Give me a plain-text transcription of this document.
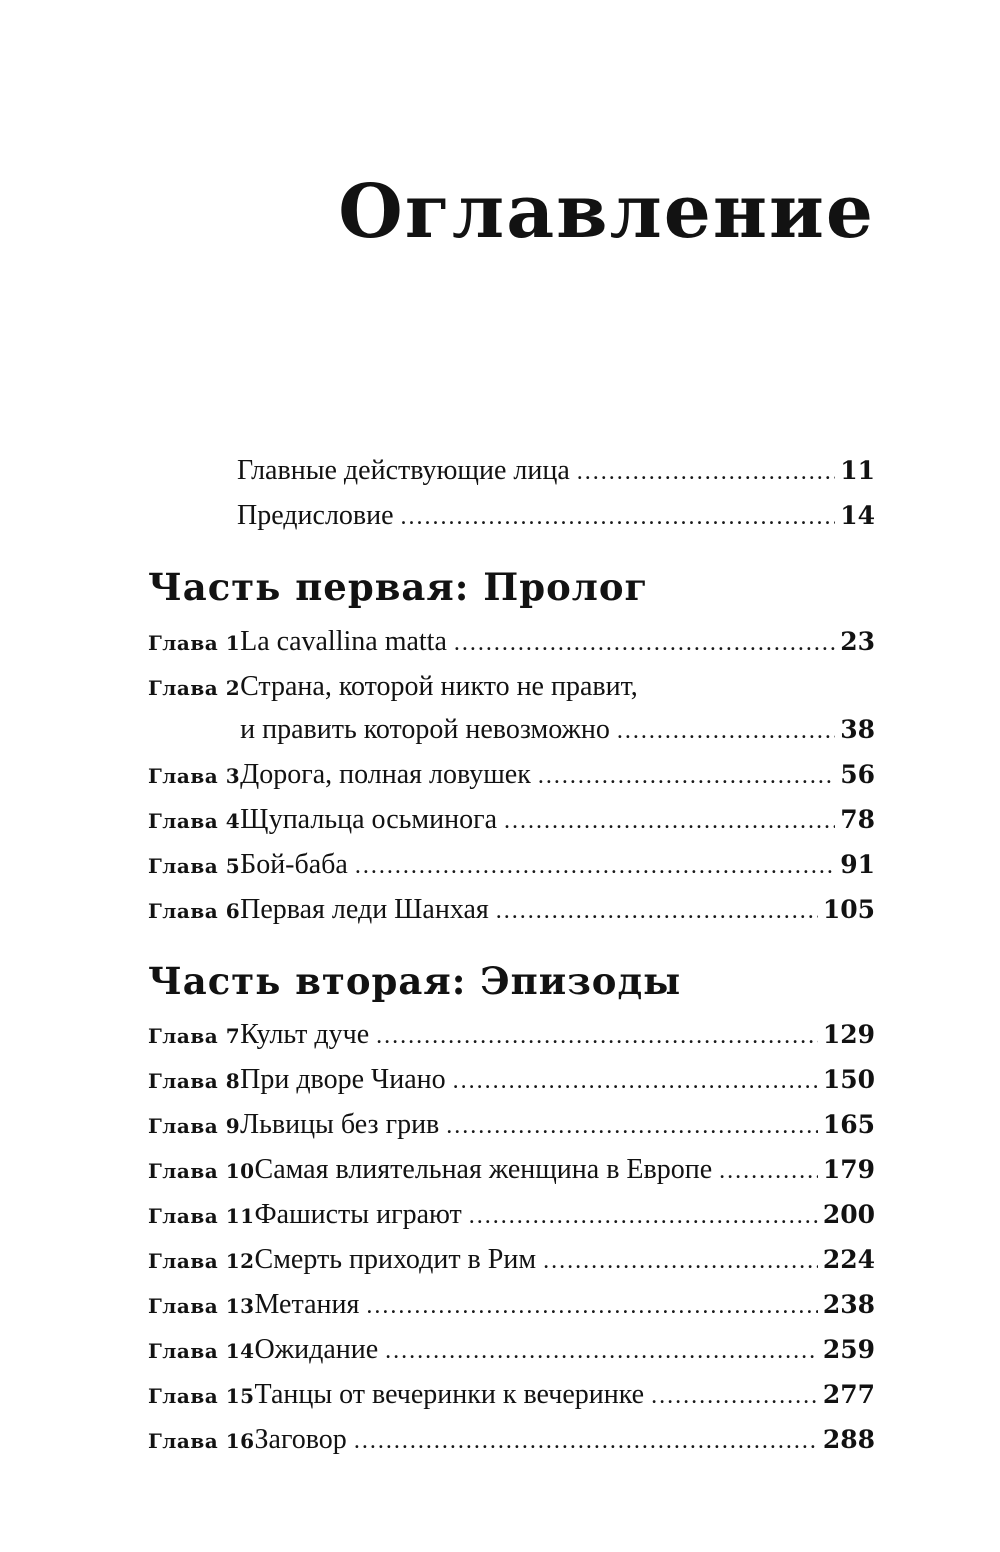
Оглавление
Главные действующие лица .....	11
Предисловие .....	14
Часть первая: Пролог
Глава 1 La cavallina matta .....	23
Глава 2 Страна, которой никто не правит,
и править которой невозможно .....	38
Глава 3 Дорога, полная ловушек .....	56
Глава 4 Щупальца осьминога .....	78
Глава 5 Бой-баба .....	91
Глава 6 Первая леди Шанхая .....	105
Часть вторая: Эпизоды
Глава 7 Культ дуче .....	129
Глава 8 При дворе Чиано .....	150
Глава 9 Львицы без грив .....	165
Глава 10 Самая влиятельная женщина в Европе .....	179
Глава 11 Фашисты играют .....	200
Глава 12 Смерть приходит в Рим .....	224
Глава 13 Метания .....	238
Глава 14 Ожидание .....	259
Глава 15 Танцы от вечеринки к вечеринке .....	277
Глава 16 Заговор .....	288
